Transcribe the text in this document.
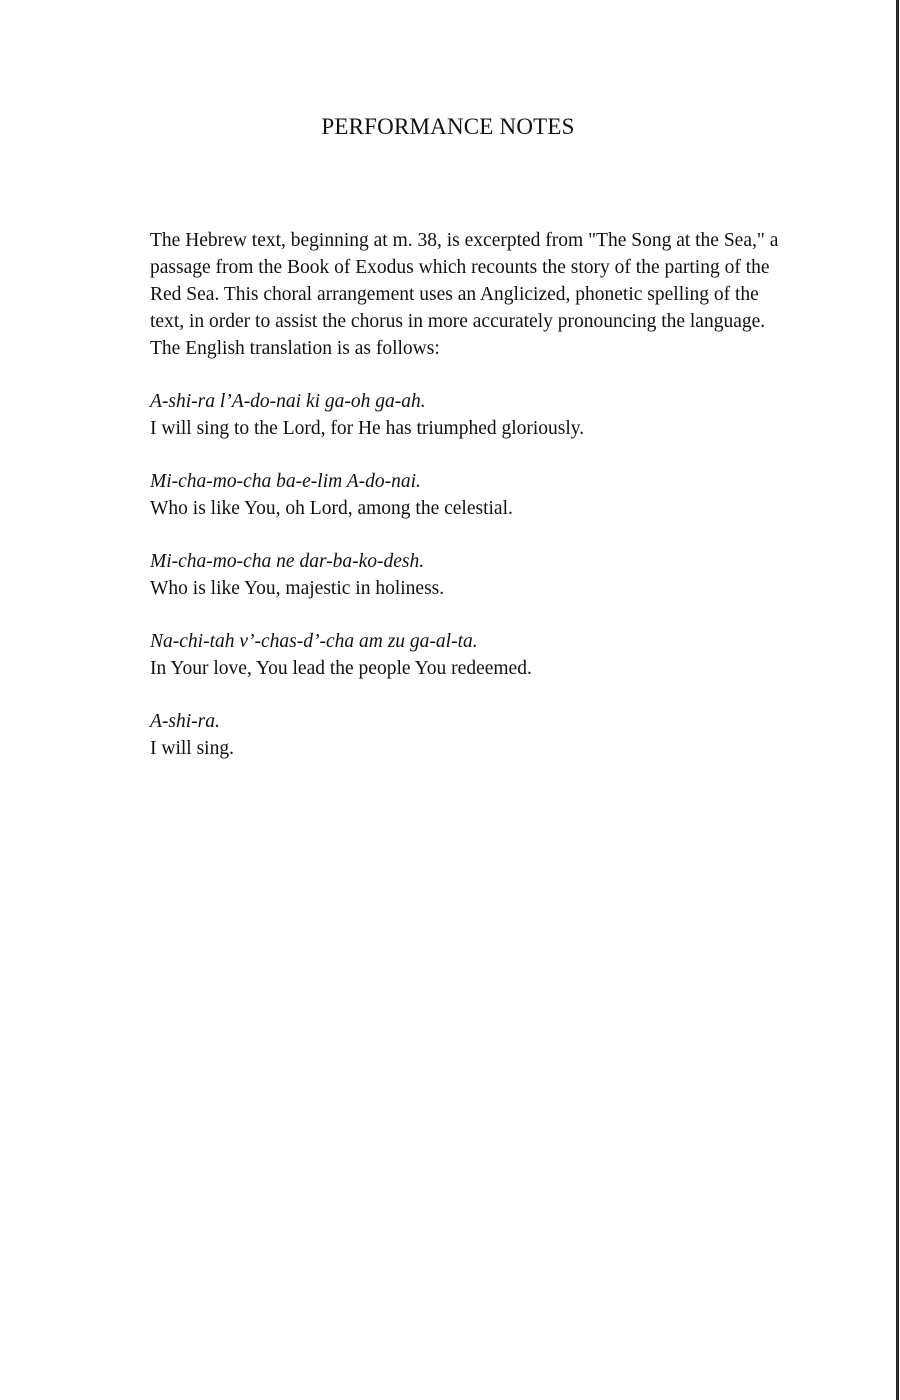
PERFORMANCE NOTES

The Hebrew text, beginning at m. 38, is excerpted from "The Song at the Sea," a passage from the Book of Exodus which recounts the story of the parting of the Red Sea. This choral arrangement uses an Anglicized, phonetic spelling of the text, in order to assist the chorus in more accurately pronouncing the language. The English translation is as follows:

A-shi-ra l’A-do-nai ki ga-oh ga-ah.

I will sing to the Lord, for He has triumphed gloriously.

Mi-cha-mo-cha ba-e-lim A-do-nai.

Who is like You, oh Lord, among the celestial.

Mi-cha-mo-cha ne dar-ba-ko-desh.

Who is like You, majestic in holiness.

Na-chi-tah v’-chas-d’-cha am zu ga-al-ta.

In Your love, You lead the people You redeemed.

A-shi-ra.

I will sing.
